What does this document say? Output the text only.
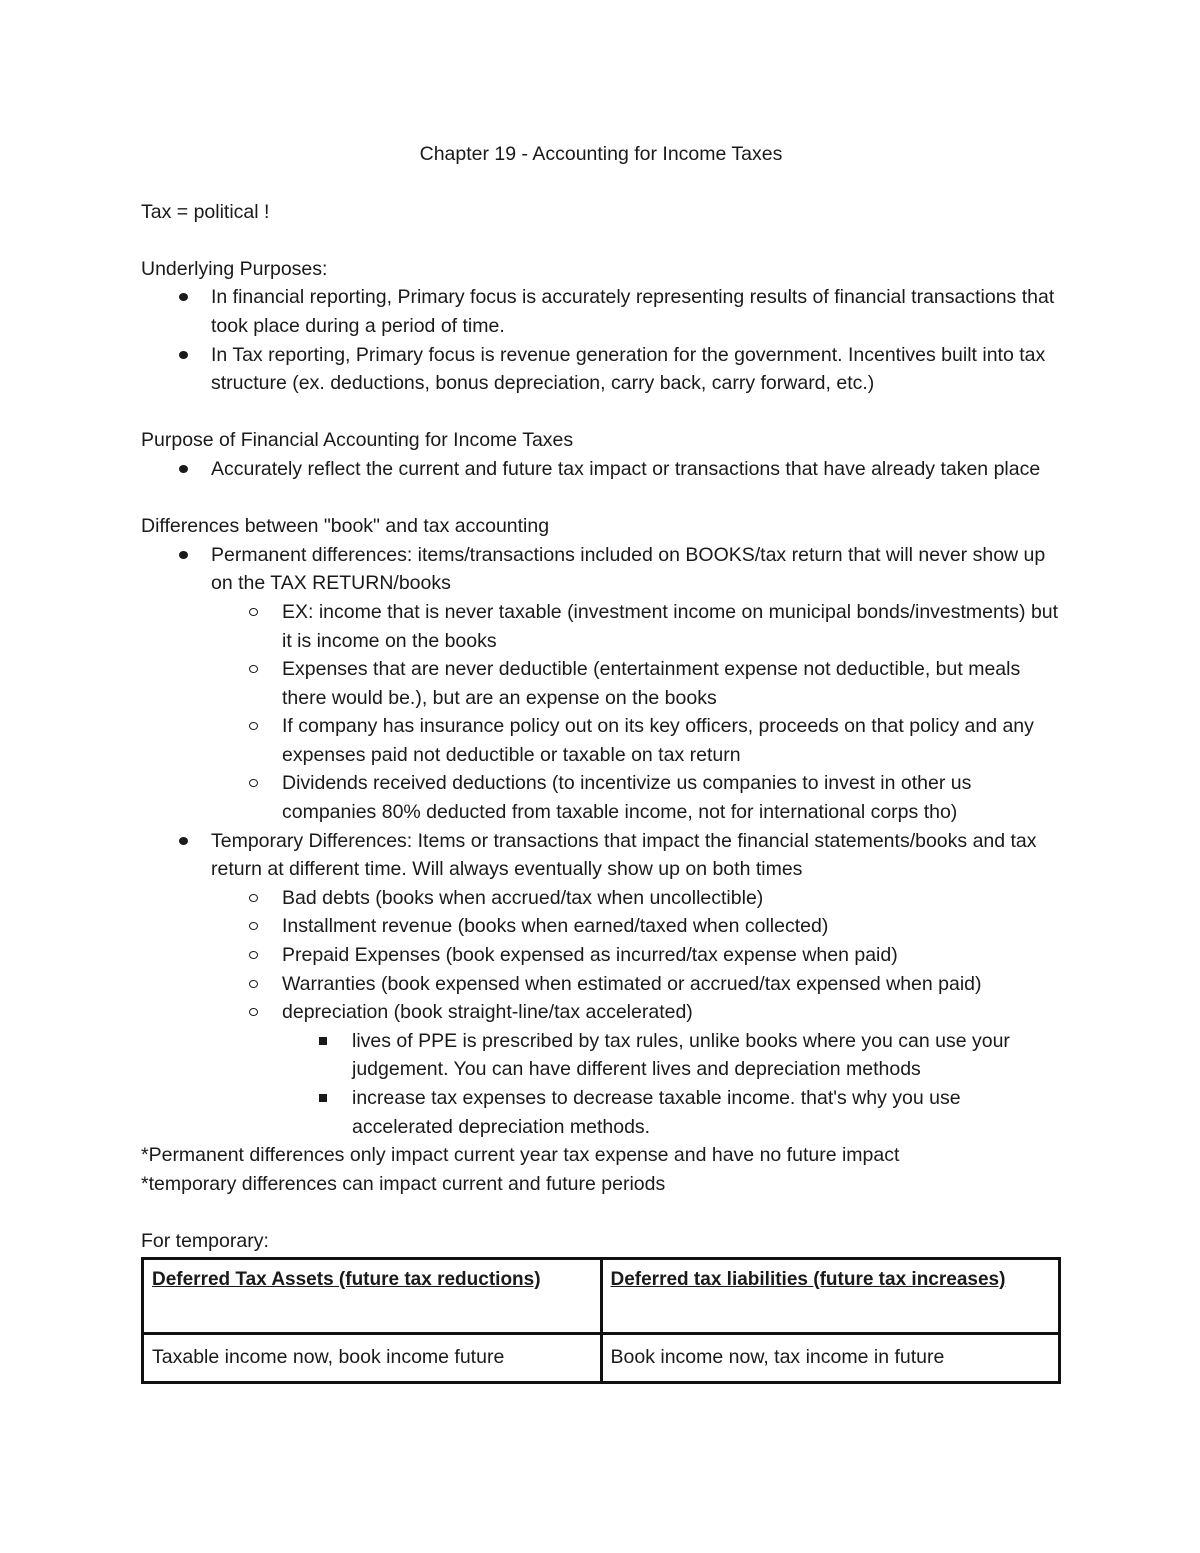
Chapter 19 - Accounting for Income Taxes

Tax = political !

Underlying Purposes:

In financial reporting, Primary focus is accurately representing results of financial transactions that took place during a period of time.
In Tax reporting, Primary focus is revenue generation for the government. Incentives built into tax structure (ex. deductions, bonus depreciation, carry back, carry forward, etc.)

Purpose of Financial Accounting for Income Taxes

Accurately reflect the current and future tax impact or transactions that have already taken place

Differences between "book" and tax accounting

Permanent differences: items/transactions included on BOOKS/tax return that will never show up on the TAX RETURN/books
EX: income that is never taxable (investment income on municipal bonds/investments) but it is income on the books
Expenses that are never deductible (entertainment expense not deductible, but meals there would be.), but are an expense on the books
If company has insurance policy out on its key officers, proceeds on that policy and any expenses paid not deductible or taxable on tax return
Dividends received deductions (to incentivize us companies to invest in other us companies 80% deducted from taxable income, not for international corps tho)
Temporary Differences: Items or transactions that impact the financial statements/books and tax return at different time. Will always eventually show up on both times
Bad debts (books when accrued/tax when uncollectible)
Installment revenue (books when earned/taxed when collected)
Prepaid Expenses (book expensed as incurred/tax expense when paid)
Warranties (book expensed when estimated or accrued/tax expensed when paid)
depreciation (book straight-line/tax accelerated)
lives of PPE is prescribed by tax rules, unlike books where you can use your judgement. You can have different lives and depreciation methods
increase tax expenses to decrease taxable income. that's why you use accelerated depreciation methods.

*Permanent differences only impact current year tax expense and have no future impact

*temporary differences can impact current and future periods

For temporary:

Deferred Tax Assets (future tax reductions)	Deferred tax liabilities (future tax increases)
Taxable income now, book income future	Book income now, tax income in future
